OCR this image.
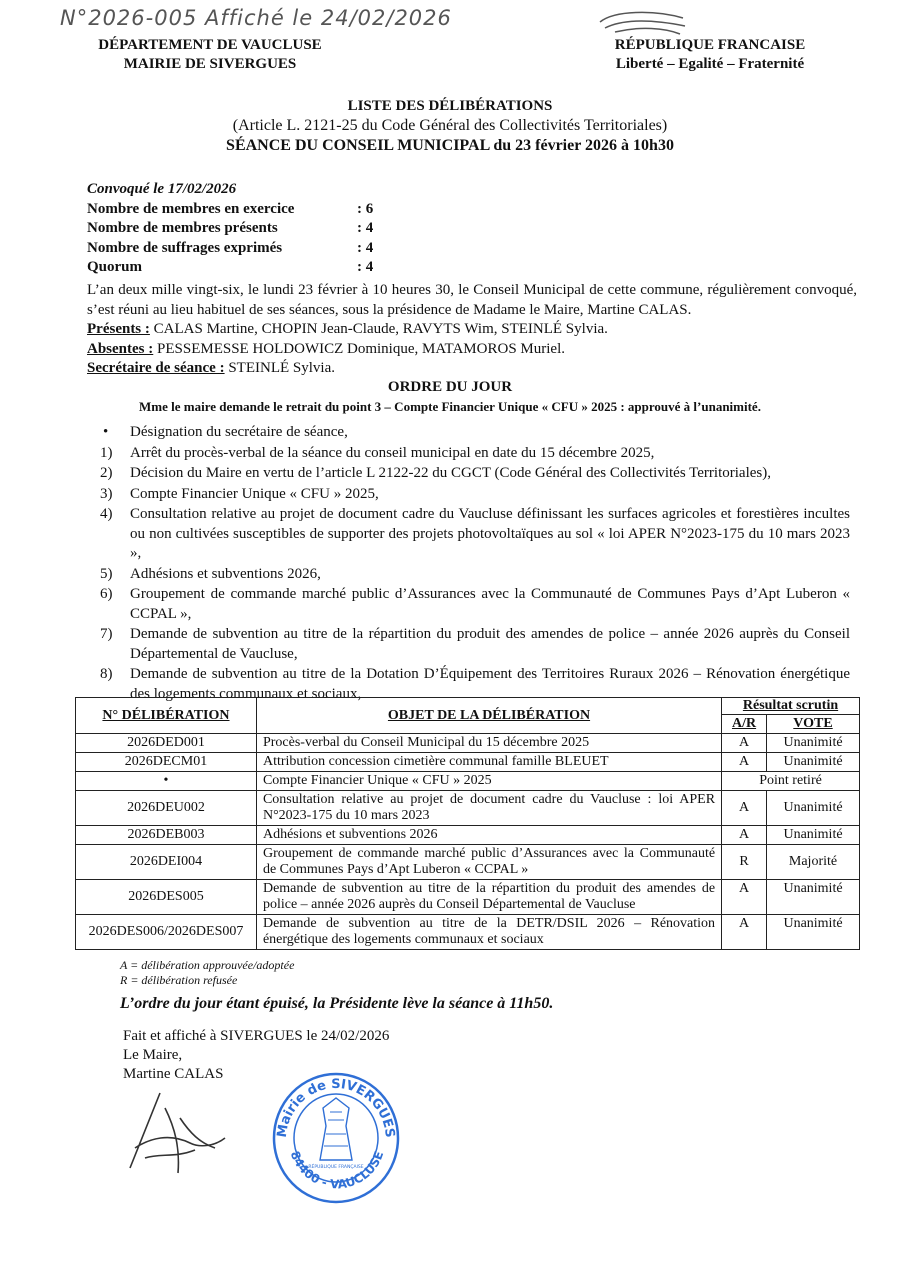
N°2026-005 Affiché le 24/02/2026
DÉPARTEMENT DE VAUCLUSE
MAIRIE DE SIVERGUES
RÉPUBLIQUE FRANCAISE
Liberté – Egalité – Fraternité
LISTE DES DÉLIBÉRATIONS
(Article L. 2121-25 du Code Général des Collectivités Territoriales)
SÉANCE DU CONSEIL MUNICIPAL du 23 février 2026 à 10h30
Convoqué le 17/02/2026
Nombre de membres en exercice	: 6
Nombre de membres présents	: 4
Nombre de suffrages exprimés	: 4
Quorum	: 4
L’an deux mille vingt-six, le lundi 23 février à 10 heures 30, le Conseil Municipal de cette commune, régulièrement convoqué, s’est réuni au lieu habituel de ses séances, sous la présidence de Madame le Maire, Martine CALAS.
Présents : CALAS Martine, CHOPIN Jean-Claude, RAVYTS Wim, STEINLÉ Sylvia.
Absentes : PESSEMESSE HOLDOWICZ Dominique, MATAMOROS Muriel.
Secrétaire de séance : STEINLÉ Sylvia.
ORDRE DU JOUR
Mme le maire demande le retrait du point 3 – Compte Financier Unique « CFU » 2025 : approuvé à l’unanimité.
•	Désignation du secrétaire de séance,
1)	Arrêt du procès-verbal de la séance du conseil municipal en date du 15 décembre 2025,
2)	Décision du Maire en vertu de l’article L 2122-22 du CGCT (Code Général des Collectivités Territoriales),
3)	Compte Financier Unique « CFU » 2025,
4)	Consultation relative au projet de document cadre du Vaucluse définissant les surfaces agricoles et forestières incultes ou non cultivées susceptibles de supporter des projets photovoltaïques au sol « loi APER N°2023-175 du 10 mars 2023 »,
5)	Adhésions et subventions 2026,
6)	Groupement de commande marché public d’Assurances avec la Communauté de Communes Pays d’Apt Luberon « CCPAL »,
7)	Demande de subvention au titre de la répartition du produit des amendes de police – année 2026 auprès du Conseil Départemental de Vaucluse,
8)	Demande de subvention au titre de la Dotation D’Équipement des Territoires Ruraux 2026 – Rénovation énergétique des logements communaux et sociaux,
N° DÉLIBÉRATION	OBJET DE LA DÉLIBÉRATION	Résultat scrutin	
		A/R	VOTE
2026DED001	Procès-verbal du Conseil Municipal du 15 décembre 2025	A	Unanimité
2026DECM01	Attribution concession cimetière communal famille BLEUET	A	Unanimité
•	Compte Financier Unique « CFU » 2025	Point retiré	
2026DEU002	Consultation relative au projet de document cadre du Vaucluse : loi APER N°2023-175 du 10 mars 2023	A	Unanimité
2026DEB003	Adhésions et subventions 2026	A	Unanimité
2026DEI004	Groupement de commande marché public d’Assurances avec la Communauté de Communes Pays d’Apt Luberon « CCPAL »	R	Majorité
2026DES005	Demande de subvention au titre de la répartition du produit des amendes de police – année 2026 auprès du Conseil Départemental de Vaucluse	A	Unanimité
2026DES006/2026DES007	Demande de subvention au titre de la DETR/DSIL 2026 – Rénovation énergétique des logements communaux et sociaux	A	Unanimité
A = délibération approuvée/adoptée
R = délibération refusée
L’ordre du jour étant épuisé, la Présidente lève la séance à 11h50.
Fait et affiché à SIVERGUES le 24/02/2026
Le Maire,
Martine CALAS
Mairie de SIVERGUES
84400 - VAUCLUSE
RÉPUBLIQUE FRANÇAISE
